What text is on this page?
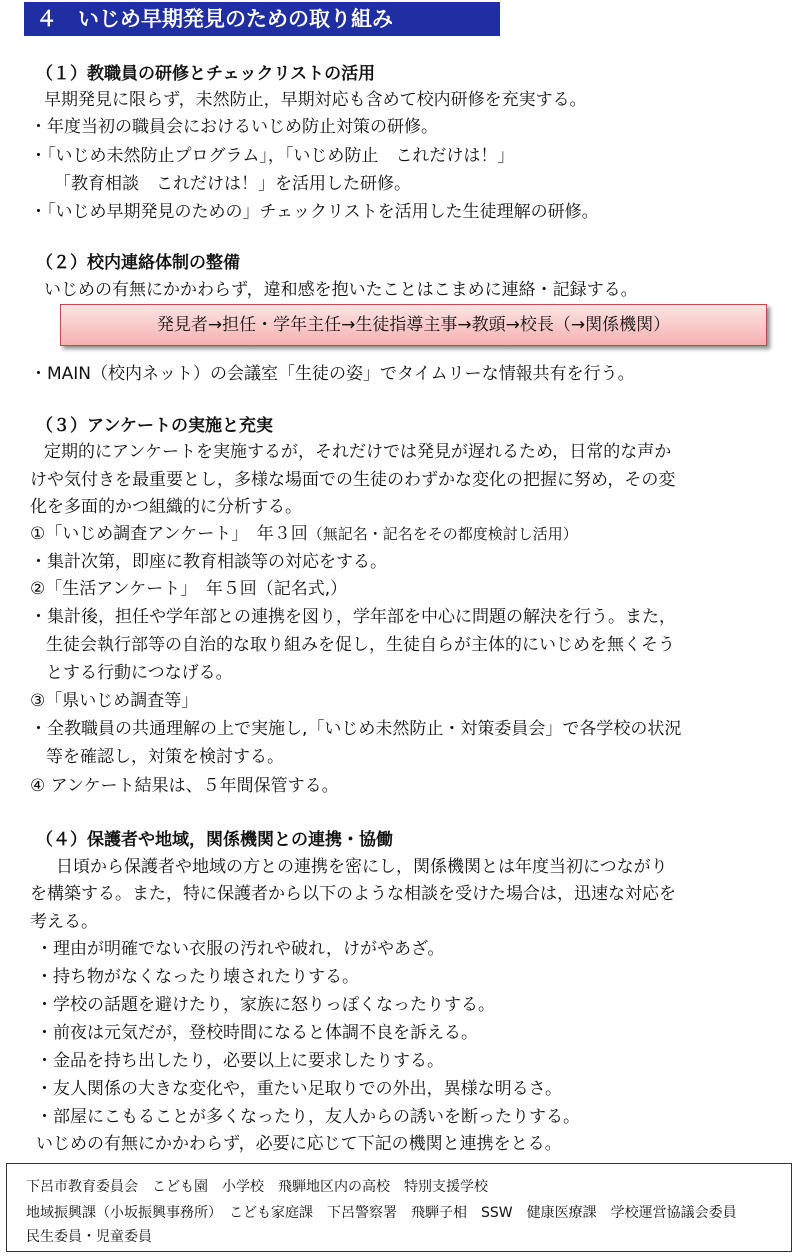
４　いじめ早期発見のための取り組み
（１）教職員の研修とチェックリストの活用
早期発見に限らず，未然防止，早期対応も含めて校内研修を充実する。
・年度当初の職員会におけるいじめ防止対策の研修。
・「いじめ未然防止プログラム」，「いじめ防止　これだけは！」
「教育相談　これだけは！」を活用した研修。
・「いじめ早期発見のための」チェックリストを活用した生徒理解の研修。
（２）校内連絡体制の整備
いじめの有無にかかわらず，違和感を抱いたことはこまめに連絡・記録する。
発見者→担任・学年主任→生徒指導主事→教頭→校長（→関係機関）
・MAIN（校内ネット）の会議室「生徒の姿」でタイムリーな情報共有を行う。
（３）アンケートの実施と充実
定期的にアンケートを実施するが，それだけでは発見が遅れるため，日常的な声か
けや気付きを最重要とし，多様な場面での生徒のわずかな変化の把握に努め，その変
化を多面的かつ組織的に分析する。
①「いじめ調査アンケート」　年３回（無記名・記名をその都度検討し活用）
・集計次第，即座に教育相談等の対応をする。
②「生活アンケート」　年５回（記名式,）
・集計後，担任や学年部との連携を図り，学年部を中心に問題の解決を行う。また，
生徒会執行部等の自治的な取り組みを促し，生徒自らが主体的にいじめを無くそう
とする行動につなげる。
③「県いじめ調査等」
・全教職員の共通理解の上で実施し,「いじめ未然防止・対策委員会」で各学校の状況
等を確認し，対策を検討する。
④ アンケート結果は、５年間保管する。
（４）保護者や地域，関係機関との連携・協働
日頃から保護者や地域の方との連携を密にし，関係機関とは年度当初につながり
を構築する。また，特に保護者から以下のような相談を受けた場合は，迅速な対応を
考える。
・理由が明確でない衣服の汚れや破れ，けがやあざ。
・持ち物がなくなったり壊されたりする。
・学校の話題を避けたり，家族に怒りっぽくなったりする。
・前夜は元気だが，登校時間になると体調不良を訴える。
・金品を持ち出したり，必要以上に要求したりする。
・友人関係の大きな変化や，重たい足取りでの外出，異様な明るさ。
・部屋にこもることが多くなったり，友人からの誘いを断ったりする。
いじめの有無にかかわらず，必要に応じて下記の機関と連携をとる。
下呂市教育委員会　こども園　小学校　飛騨地区内の高校　特別支援学校
地域振興課（小坂振興事務所）　こども家庭課　下呂警察署　飛騨子相　SSW　健康医療課　学校運営協議会委員
民生委員・児童委員
